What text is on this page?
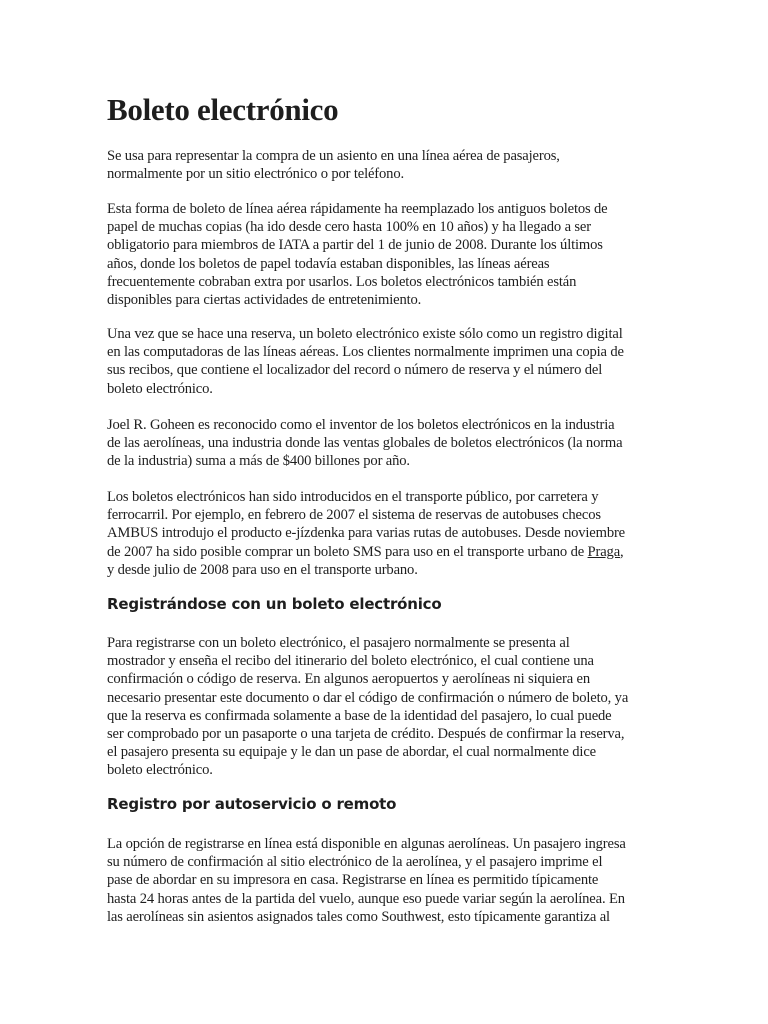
Boleto electrónico
Se usa para representar la compra de un asiento en una línea aérea de pasajeros,
normalmente por un sitio electrónico o por teléfono.
Esta forma de boleto de línea aérea rápidamente ha reemplazado los antiguos boletos de
papel de muchas copias (ha ido desde cero hasta 100% en 10 años) y ha llegado a ser
obligatorio para miembros de IATA a partir del 1 de junio de 2008. Durante los últimos
años, donde los boletos de papel todavía estaban disponibles, las líneas aéreas
frecuentemente cobraban extra por usarlos. Los boletos electrónicos también están
disponibles para ciertas actividades de entretenimiento.
Una vez que se hace una reserva, un boleto electrónico existe sólo como un registro digital
en las computadoras de las líneas aéreas. Los clientes normalmente imprimen una copia de
sus recibos, que contiene el localizador del record o número de reserva y el número del
boleto electrónico.
Joel R. Goheen es reconocido como el inventor de los boletos electrónicos en la industria
de las aerolíneas, una industria donde las ventas globales de boletos electrónicos (la norma
de la industria) suma a más de $400 billones por año.
Los boletos electrónicos han sido introducidos en el transporte público, por carretera y
ferrocarril. Por ejemplo, en febrero de 2007 el sistema de reservas de autobuses checos
AMBUS introdujo el producto e-jízdenka para varias rutas de autobuses. Desde noviembre
de 2007 ha sido posible comprar un boleto SMS para uso en el transporte urbano de Praga,
y desde julio de 2008 para uso en el transporte urbano.
Registrándose con un boleto electrónico
Para registrarse con un boleto electrónico, el pasajero normalmente se presenta al
mostrador y enseña el recibo del itinerario del boleto electrónico, el cual contiene una
confirmación o código de reserva. En algunos aeropuertos y aerolíneas ni siquiera en
necesario presentar este documento o dar el código de confirmación o número de boleto, ya
que la reserva es confirmada solamente a base de la identidad del pasajero, lo cual puede
ser comprobado por un pasaporte o una tarjeta de crédito. Después de confirmar la reserva,
el pasajero presenta su equipaje y le dan un pase de abordar, el cual normalmente dice
boleto electrónico.
Registro por autoservicio o remoto
La opción de registrarse en línea está disponible en algunas aerolíneas. Un pasajero ingresa
su número de confirmación al sitio electrónico de la aerolínea, y el pasajero imprime el
pase de abordar en su impresora en casa. Registrarse en línea es permitido típicamente
hasta 24 horas antes de la partida del vuelo, aunque eso puede variar según la aerolínea. En
las aerolíneas sin asientos asignados tales como Southwest, esto típicamente garantiza al
